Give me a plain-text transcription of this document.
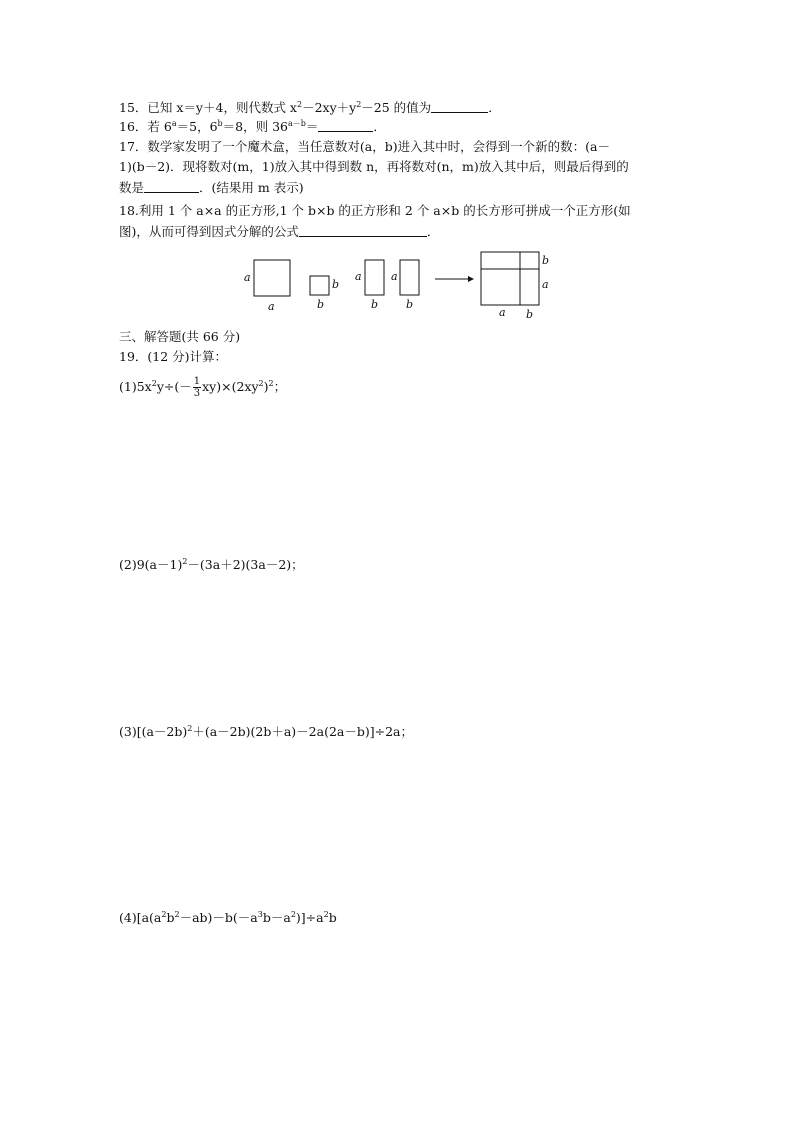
15．已知 x＝y＋4，则代数式 $x^2-2xy+y^2-25$ 的值为	．
16．若 $6^a=5$，$6^b=8$，则 $36^{a-b}=$	．
17．数学家发明了一个魔术盒，当任意数对(a，b)进入其中时，会得到一个新的数：(a－
1)(b－2)．现将数对(m，1)放入其中得到数 n，再将数对(n，m)放入其中后，则最后得到的
数是	．(结果用 m 表示)
18.利用 1 个 a×a 的正方形,1 个 b×b 的正方形和 2 个 a×b 的长方形可拼成一个正方形(如
图)，从而可得到因式分解的公式	．
a
a
b
b
a
b
a
b
b
a
a b
三、解答题(共 66 分)
19．(12 分)计算：
$(1)5x^2y\div(- \frac{1}{3} xy)\times(2xy^2)^2$；
$(2)9(a-1)^2-(3a+2)(3a-2)$；
$(3)[(a-2b)^2+(a-2b)(2b+a)-2a(2a-b)]\div 2a$；
$(4)[a(a^2b^2-ab)-b(-a^3b-a^2)]\div a^2b$
